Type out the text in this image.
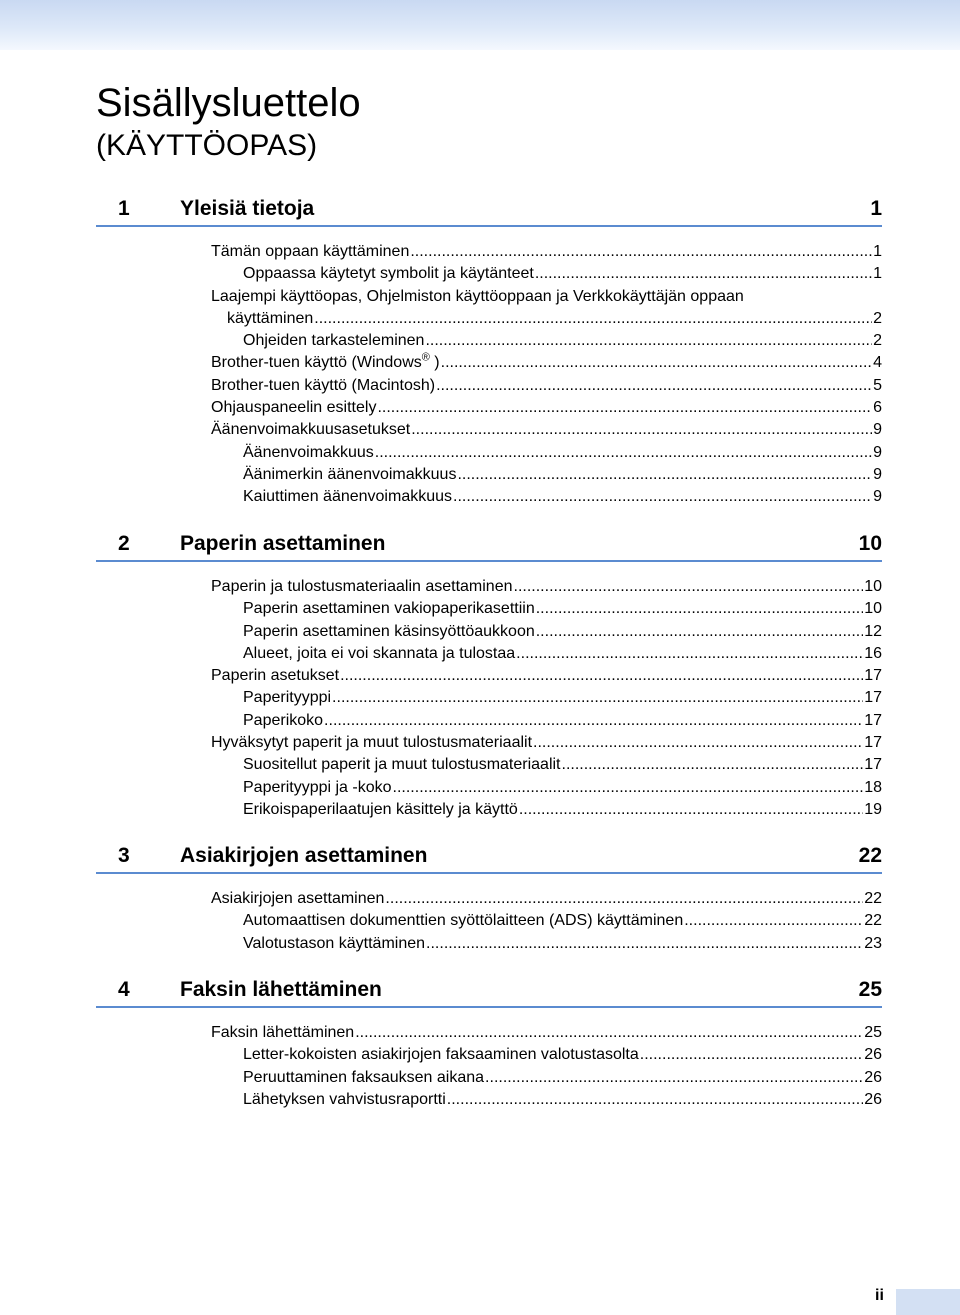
Sisällysluettelo
(KÄYTTÖOPAS)
1 Yleisiä tietoja	1
Tämän oppaan käyttäminen .....	1
Oppaassa käytetyt symbolit ja käytänteet .....	1
Laajempi käyttöopas, Ohjelmiston käyttöoppaan ja Verkkokäyttäjän oppaan
käyttäminen .....	2
Ohjeiden tarkasteleminen .....	2
Brother-tuen käyttö (Windows® ) .....	4
Brother-tuen käyttö (Macintosh) .....	5
Ohjauspaneelin esittely .....	6
Äänenvoimakkuusasetukset .....	9
Äänenvoimakkuus .....	9
Äänimerkin äänenvoimakkuus .....	9
Kaiuttimen äänenvoimakkuus .....	9
2 Paperin asettaminen	10
Paperin ja tulostusmateriaalin asettaminen .....	10
Paperin asettaminen vakiopaperikasettiin .....	10
Paperin asettaminen käsinsyöttöaukkoon .....	12
Alueet, joita ei voi skannata ja tulostaa .....	16
Paperin asetukset .....	17
Paperityyppi .....	17
Paperikoko .....	17
Hyväksytyt paperit ja muut tulostusmateriaalit .....	17
Suositellut paperit ja muut tulostusmateriaalit .....	17
Paperityyppi ja -koko .....	18
Erikoispaperilaatujen käsittely ja käyttö .....	19
3 Asiakirjojen asettaminen	22
Asiakirjojen asettaminen .....	22
Automaattisen dokumenttien syöttölaitteen (ADS) käyttäminen .....	22
Valotustason käyttäminen .....	23
4 Faksin lähettäminen	25
Faksin lähettäminen .....	25
Letter-kokoisten asiakirjojen faksaaminen valotustasolta .....	26
Peruuttaminen faksauksen aikana .....	26
Lähetyksen vahvistusraportti .....	26
ii
